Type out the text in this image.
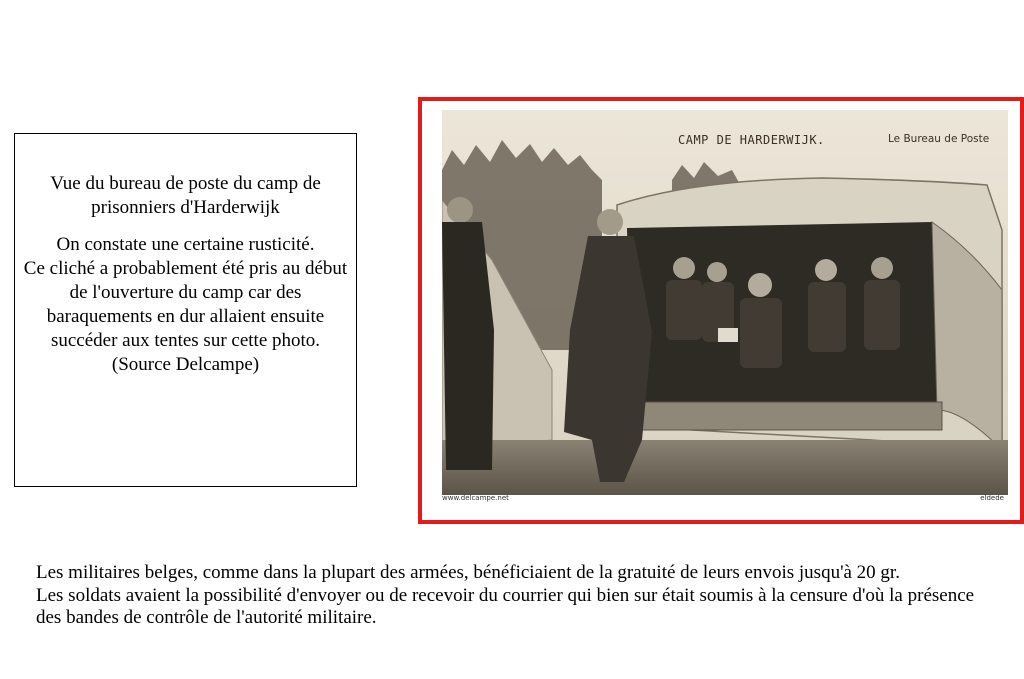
Vue du bureau de poste du camp de prisonniers d'Harderwijk

On constate une certaine rusticité.
Ce cliché a probablement été pris au début de l'ouverture du camp car des baraquements en dur allaient ensuite succéder aux tentes sur cette photo.
(Source Delcampe)

CAMP DE HARDERWIJK.	Le Bureau de Poste
www.delcampe.net	eldede

Les militaires belges, comme dans la plupart des armées, bénéficiaient de la gratuité de leurs envois jusqu'à 20 gr.

Les soldats avaient la possibilité d'envoyer ou de recevoir du courrier qui bien sur était soumis à la censure d'où la présence des bandes de contrôle de l'autorité militaire.
